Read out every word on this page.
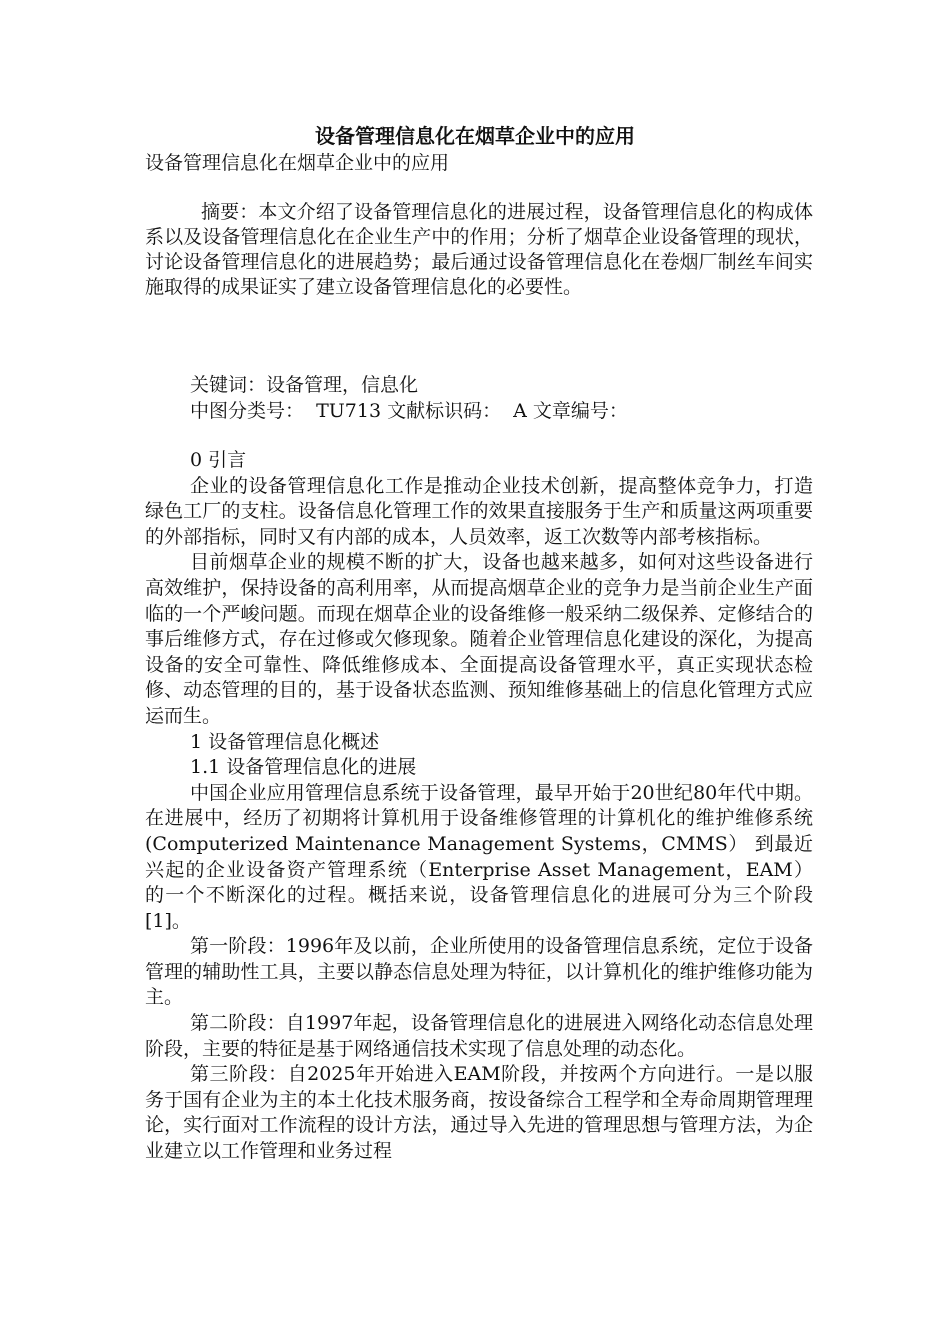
设备管理信息化在烟草企业中的应用

设备管理信息化在烟草企业中的应用

摘要：本文介绍了设备管理信息化的进展过程，设备管理信息化的构成体系以及设备管理信息化在企业生产中的作用；分析了烟草企业设备管理的现状，讨论设备管理信息化的进展趋势；最后通过设备管理信息化在卷烟厂制丝车间实施取得的成果证实了建立设备管理信息化的必要性。

关键词：设备管理，信息化

中图分类号：  TU713 文献标识码：  A 文章编号：

0 引言

企业的设备管理信息化工作是推动企业技术创新，提高整体竞争力，打造绿色工厂的支柱。设备信息化管理工作的效果直接服务于生产和质量这两项重要的外部指标，同时又有内部的成本，人员效率，返工次数等内部考核指标。

目前烟草企业的规模不断的扩大，设备也越来越多，如何对这些设备进行高效维护，保持设备的高利用率，从而提高烟草企业的竞争力是当前企业生产面临的一个严峻问题。而现在烟草企业的设备维修一般采纳二级保养、定修结合的事后维修方式，存在过修或欠修现象。随着企业管理信息化建设的深化，为提高设备的安全可靠性、降低维修成本、全面提高设备管理水平，真正实现状态检修、动态管理的目的，基于设备状态监测、预知维修基础上的信息化管理方式应运而生。

1 设备管理信息化概述

1.1 设备管理信息化的进展

中国企业应用管理信息系统于设备管理，最早开始于20世纪80年代中期。在进展中，经历了初期将计算机用于设备维修管理的计算机化的维护维修系统(Computerized Maintenance Management Systems，CMMS） 到最近兴起的企业设备资产管理系统（Enterprise Asset Management，EAM） 的一个不断深化的过程。概括来说，设备管理信息化的进展可分为三个阶段[1]。

第一阶段：1996年及以前，企业所使用的设备管理信息系统，定位于设备管理的辅助性工具，主要以静态信息处理为特征，以计算机化的维护维修功能为主。

第二阶段：自1997年起，设备管理信息化的进展进入网络化动态信息处理阶段，主要的特征是基于网络通信技术实现了信息处理的动态化。

第三阶段：自2025年开始进入EAM阶段，并按两个方向进行。一是以服务于国有企业为主的本土化技术服务商，按设备综合工程学和全寿命周期管理理论，实行面对工作流程的设计方法，通过导入先进的管理思想与管理方法，为企业建立以工作管理和业务过程
